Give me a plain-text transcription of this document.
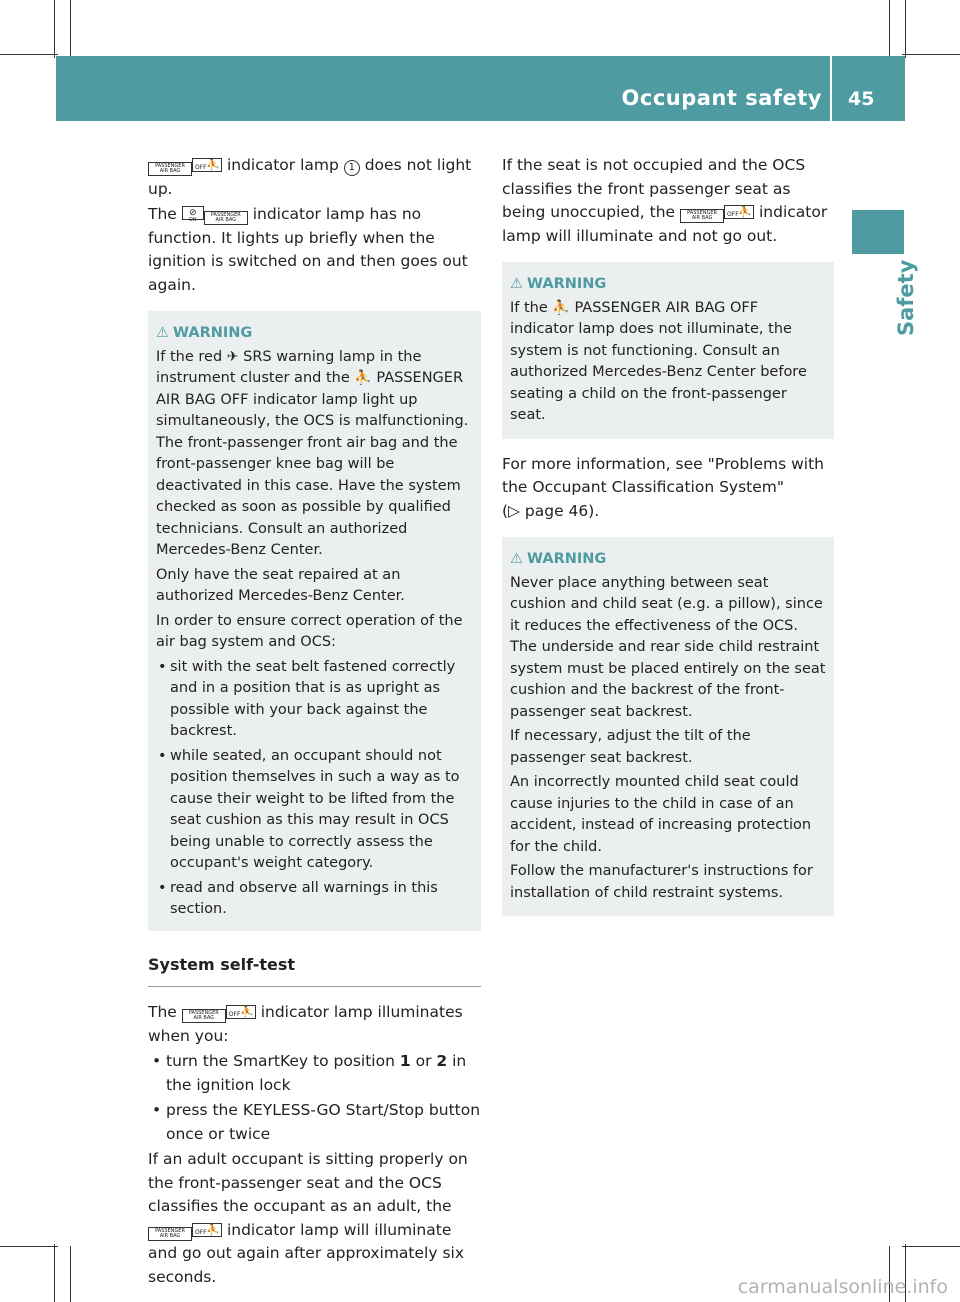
Occupant safety 45
Safety

PASSENGER AIR BAG OFF ⛹ indicator lamp 1 does not light up.

The ⊘
ONPASSENGER AIR BAG indicator lamp has no function. It lights up briefly when the ignition is switched on and then goes out again.

⚠ WARNING

If the red ✈ SRS warning lamp in the instrument cluster and the ⛹ PASSENGER AIR BAG OFF indicator lamp light up simultaneously, the OCS is malfunctioning. The front-passenger front air bag and the front-passenger knee bag will be deactivated in this case. Have the system checked as soon as possible by qualified technicians. Consult an authorized Mercedes-Benz Center.

Only have the seat repaired at an authorized Mercedes-Benz Center.

In order to ensure correct operation of the air bag system and OCS:

• sit with the seat belt fastened correctly and in a position that is as upright as possible with your back against the backrest.
• while seated, an occupant should not position themselves in such a way as to cause their weight to be lifted from the seat cushion as this may result in OCS being unable to correctly assess the occupant's weight category.
• read and observe all warnings in this section.
System self-test

The PASSENGER AIR BAG OFF ⛹ indicator lamp illuminates when you:

• turn the SmartKey to position 1 or 2 in the ignition lock
• press the KEYLESS-GO Start/Stop button once or twice

If an adult occupant is sitting properly on the front-passenger seat and the OCS classifies the occupant as an adult, the PASSENGER AIR BAG OFF ⛹ indicator lamp will illuminate and go out again after approximately six seconds.

If the seat is not occupied and the OCS classifies the front passenger seat as being unoccupied, the PASSENGER AIR BAG OFF ⛹ indicator lamp will illuminate and not go out.

⚠ WARNING

If the ⛹ PASSENGER AIR BAG OFF indicator lamp does not illuminate, the system is not functioning. Consult an authorized Mercedes-Benz Center before seating a child on the front-passenger seat.

For more information, see "Problems with the Occupant Classification System"

(▷ page 46).

⚠ WARNING

Never place anything between seat cushion and child seat (e.g. a pillow), since it reduces the effectiveness of the OCS. The underside and rear side child restraint system must be placed entirely on the seat cushion and the backrest of the front-passenger seat backrest.

If necessary, adjust the tilt of the passenger seat backrest.

An incorrectly mounted child seat could cause injuries to the child in case of an accident, instead of increasing protection for the child.

Follow the manufacturer's instructions for installation of child restraint systems.

carmanualsonline.info
